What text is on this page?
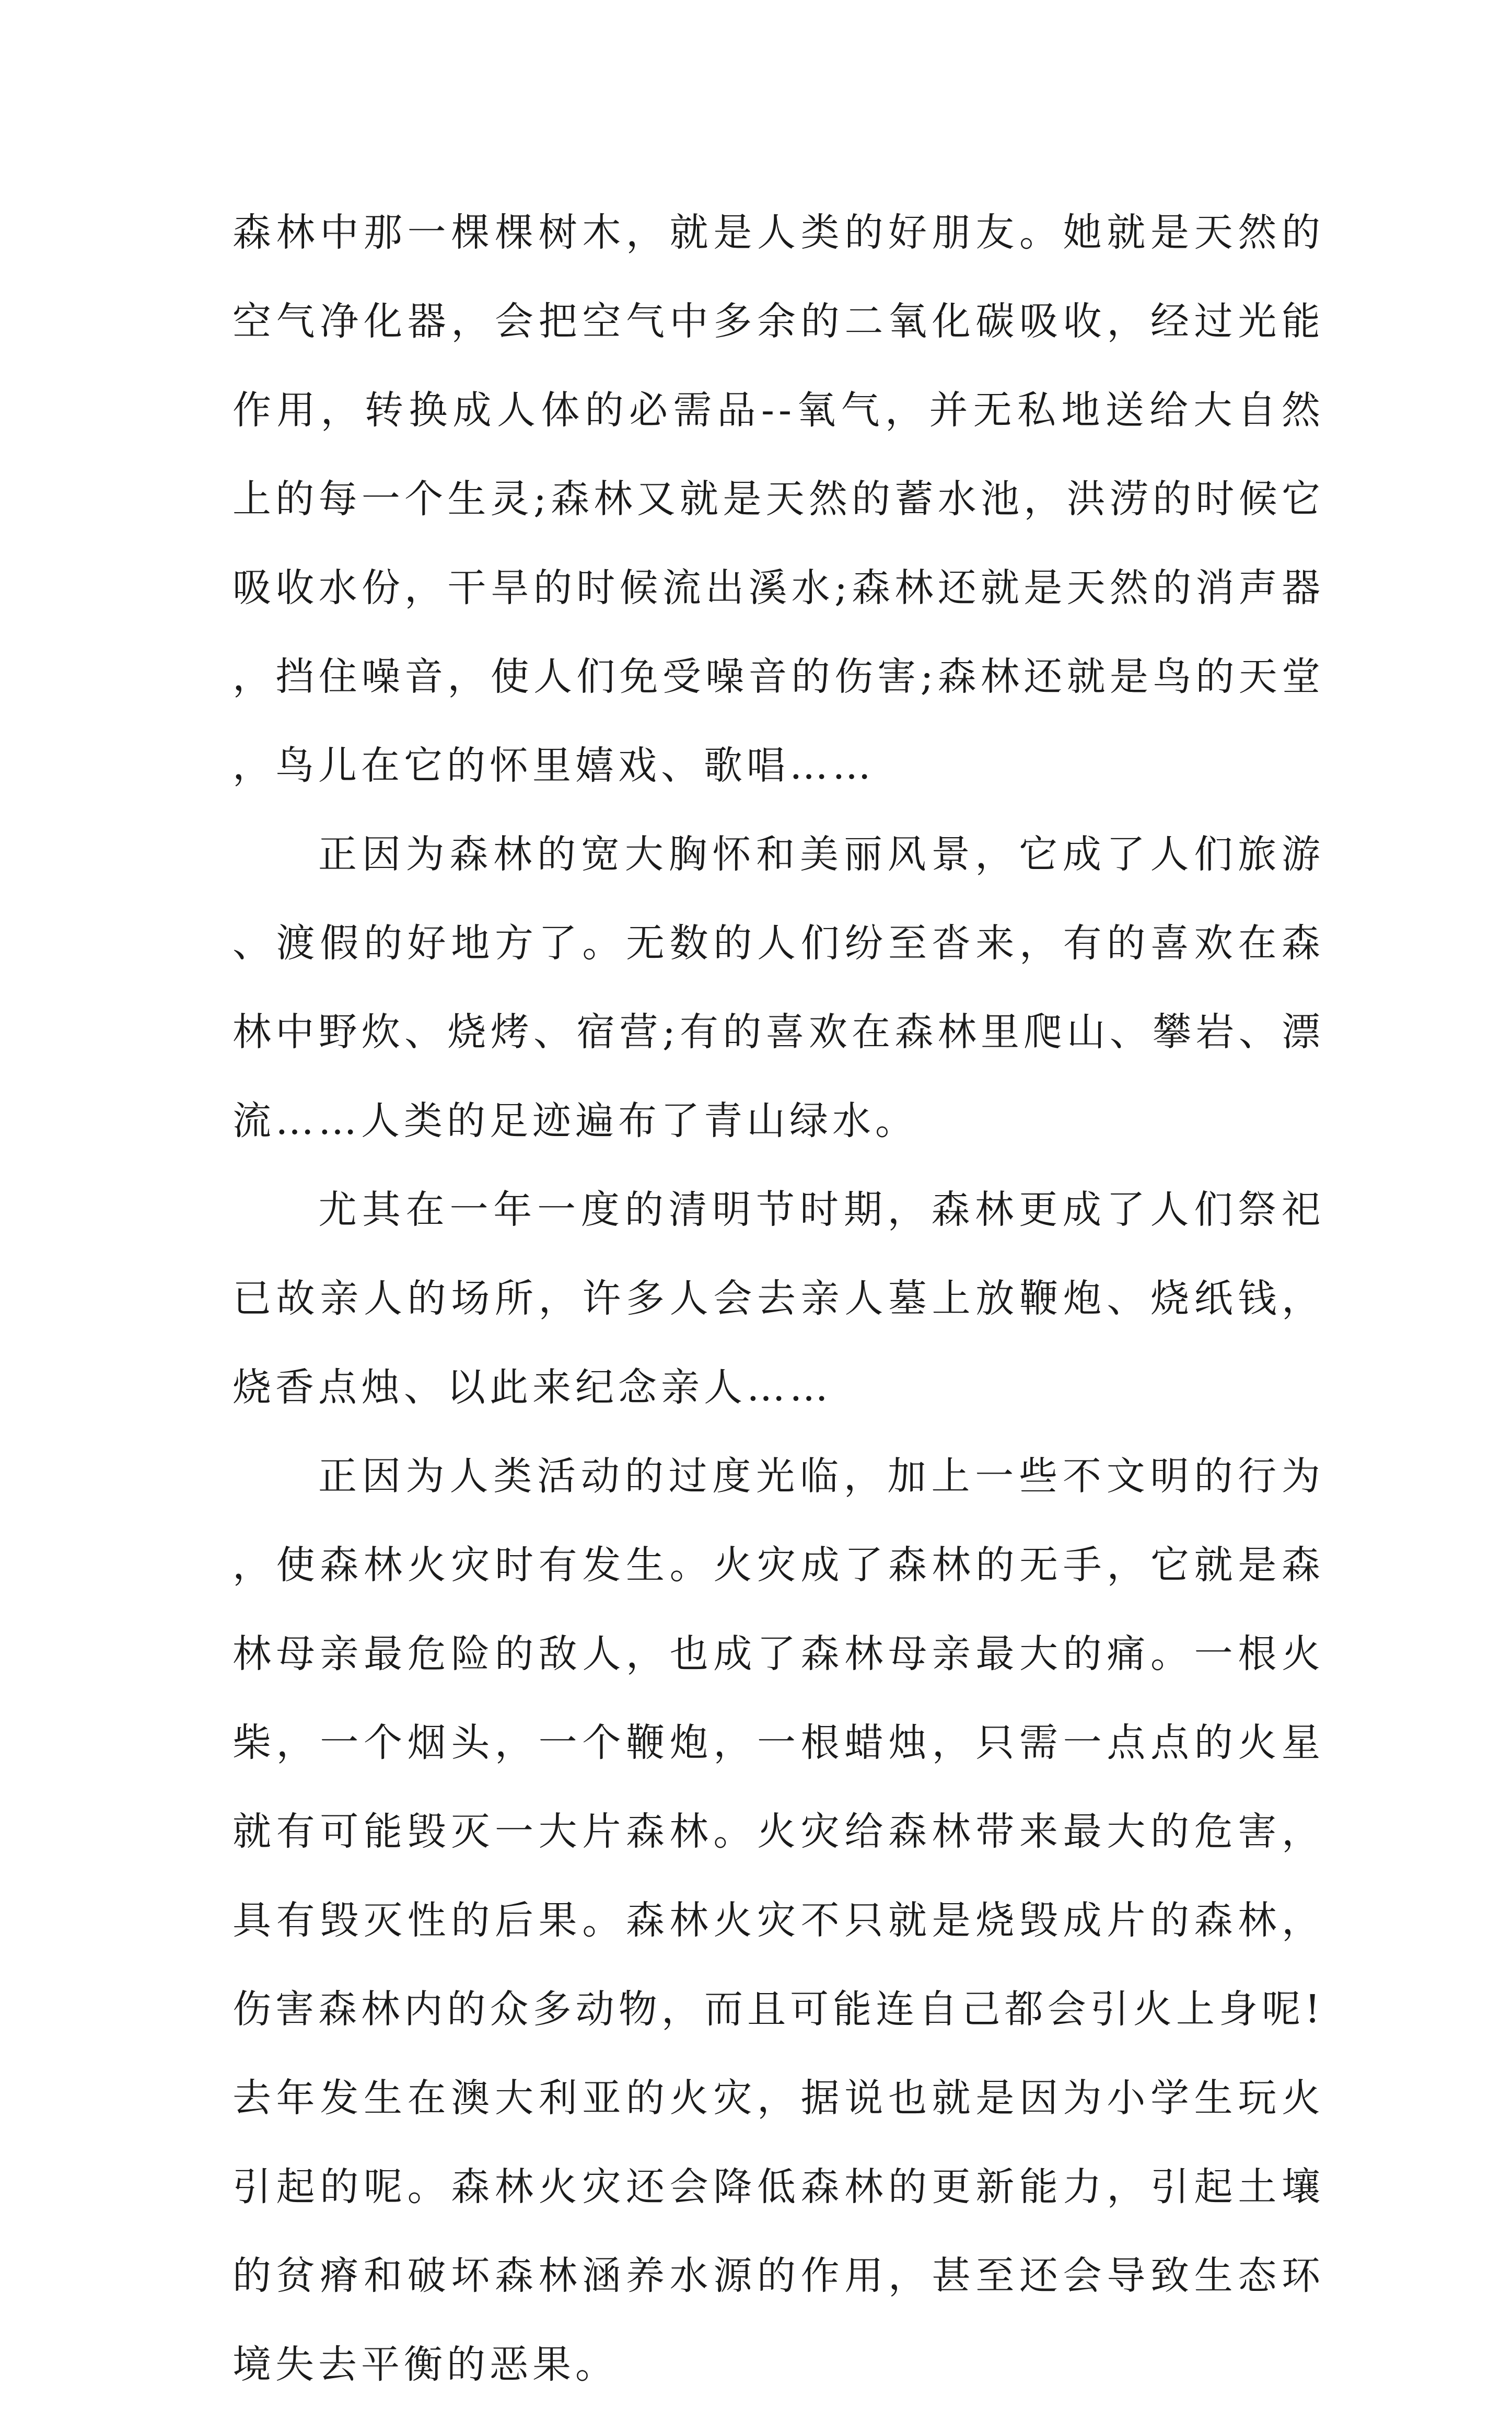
森林中那一棵棵树木，就是人类的好朋友。她就是天然的空气净化器，会把空气中多余的二氧化碳吸收，经过光能作用，转换成人体的必需品--氧气，并无私地送给大自然上的每一个生灵;森林又就是天然的蓄水池，洪涝的时候它吸收水份，干旱的时候流出溪水;森林还就是天然的消声器，挡住噪音，使人们免受噪音的伤害;森林还就是鸟的天堂，鸟儿在它的怀里嬉戏、歌唱……

正因为森林的宽大胸怀和美丽风景，它成了人们旅游、渡假的好地方了。无数的人们纷至沓来，有的喜欢在森林中野炊、烧烤、宿营;有的喜欢在森林里爬山、攀岩、漂流……人类的足迹遍布了青山绿水。

尤其在一年一度的清明节时期，森林更成了人们祭祀已故亲人的场所，许多人会去亲人墓上放鞭炮、烧纸钱，烧香点烛、以此来纪念亲人……

正因为人类活动的过度光临，加上一些不文明的行为，使森林火灾时有发生。火灾成了森林的无手，它就是森林母亲最危险的敌人，也成了森林母亲最大的痛。一根火柴，一个烟头，一个鞭炮，一根蜡烛，只需一点点的火星就有可能毁灭一大片森林。火灾给森林带来最大的危害，具有毁灭性的后果。森林火灾不只就是烧毁成片的森林，伤害森林内的众多动物，而且可能连自己都会引火上身呢!去年发生在澳大利亚的火灾，据说也就是因为小学生玩火引起的呢。森林火灾还会降低森林的更新能力，引起土壤的贫瘠和破坏森林涵养水源的作用，甚至还会导致生态环境失去平衡的恶果。
